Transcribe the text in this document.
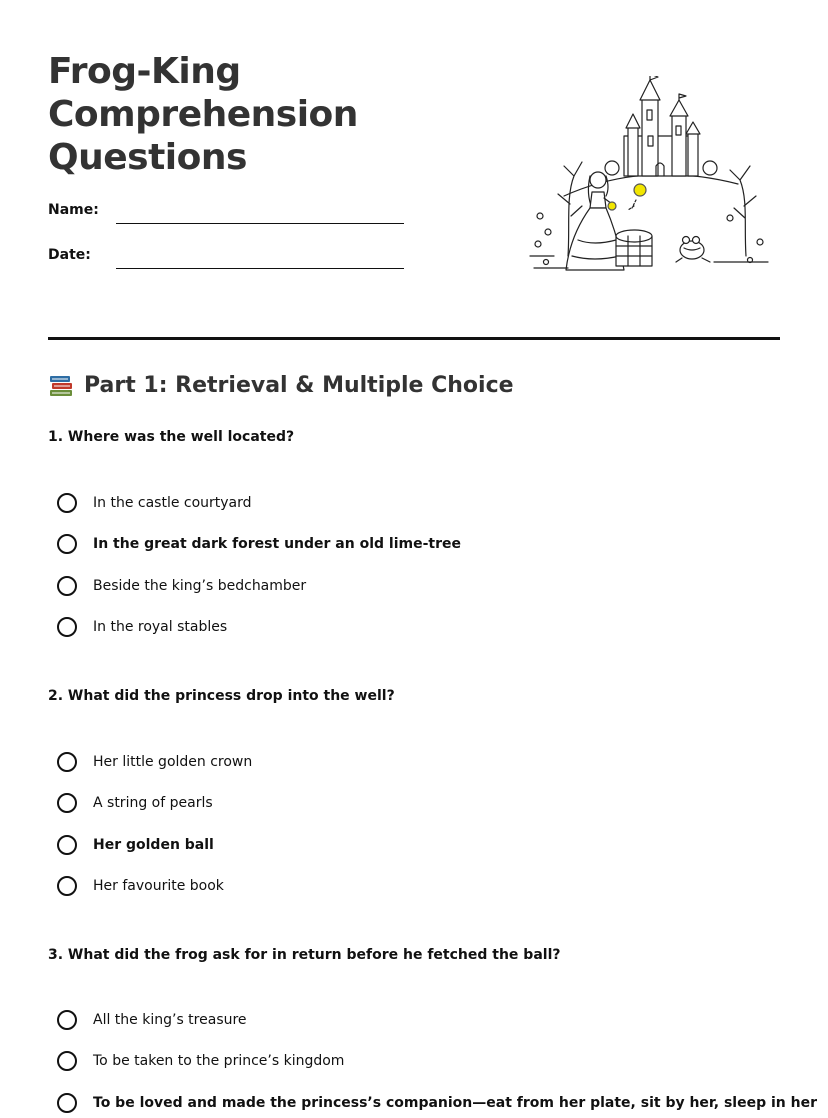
Frog-King
Comprehension
Questions
Name:
Date:
Part 1: Retrieval & Multiple Choice

1. Where was the well located?

In the castle courtyard
In the great dark forest under an old lime-tree
Beside the king’s bedchamber
In the royal stables

2. What did the princess drop into the well?

Her little golden crown
A string of pearls
Her golden ball
Her favourite book

3. What did the frog ask for in return before he fetched the ball?

All the king’s treasure
To be taken to the prince’s kingdom
To be loved and made the princess’s companion—eat from her plate, sit by her, sleep in her
